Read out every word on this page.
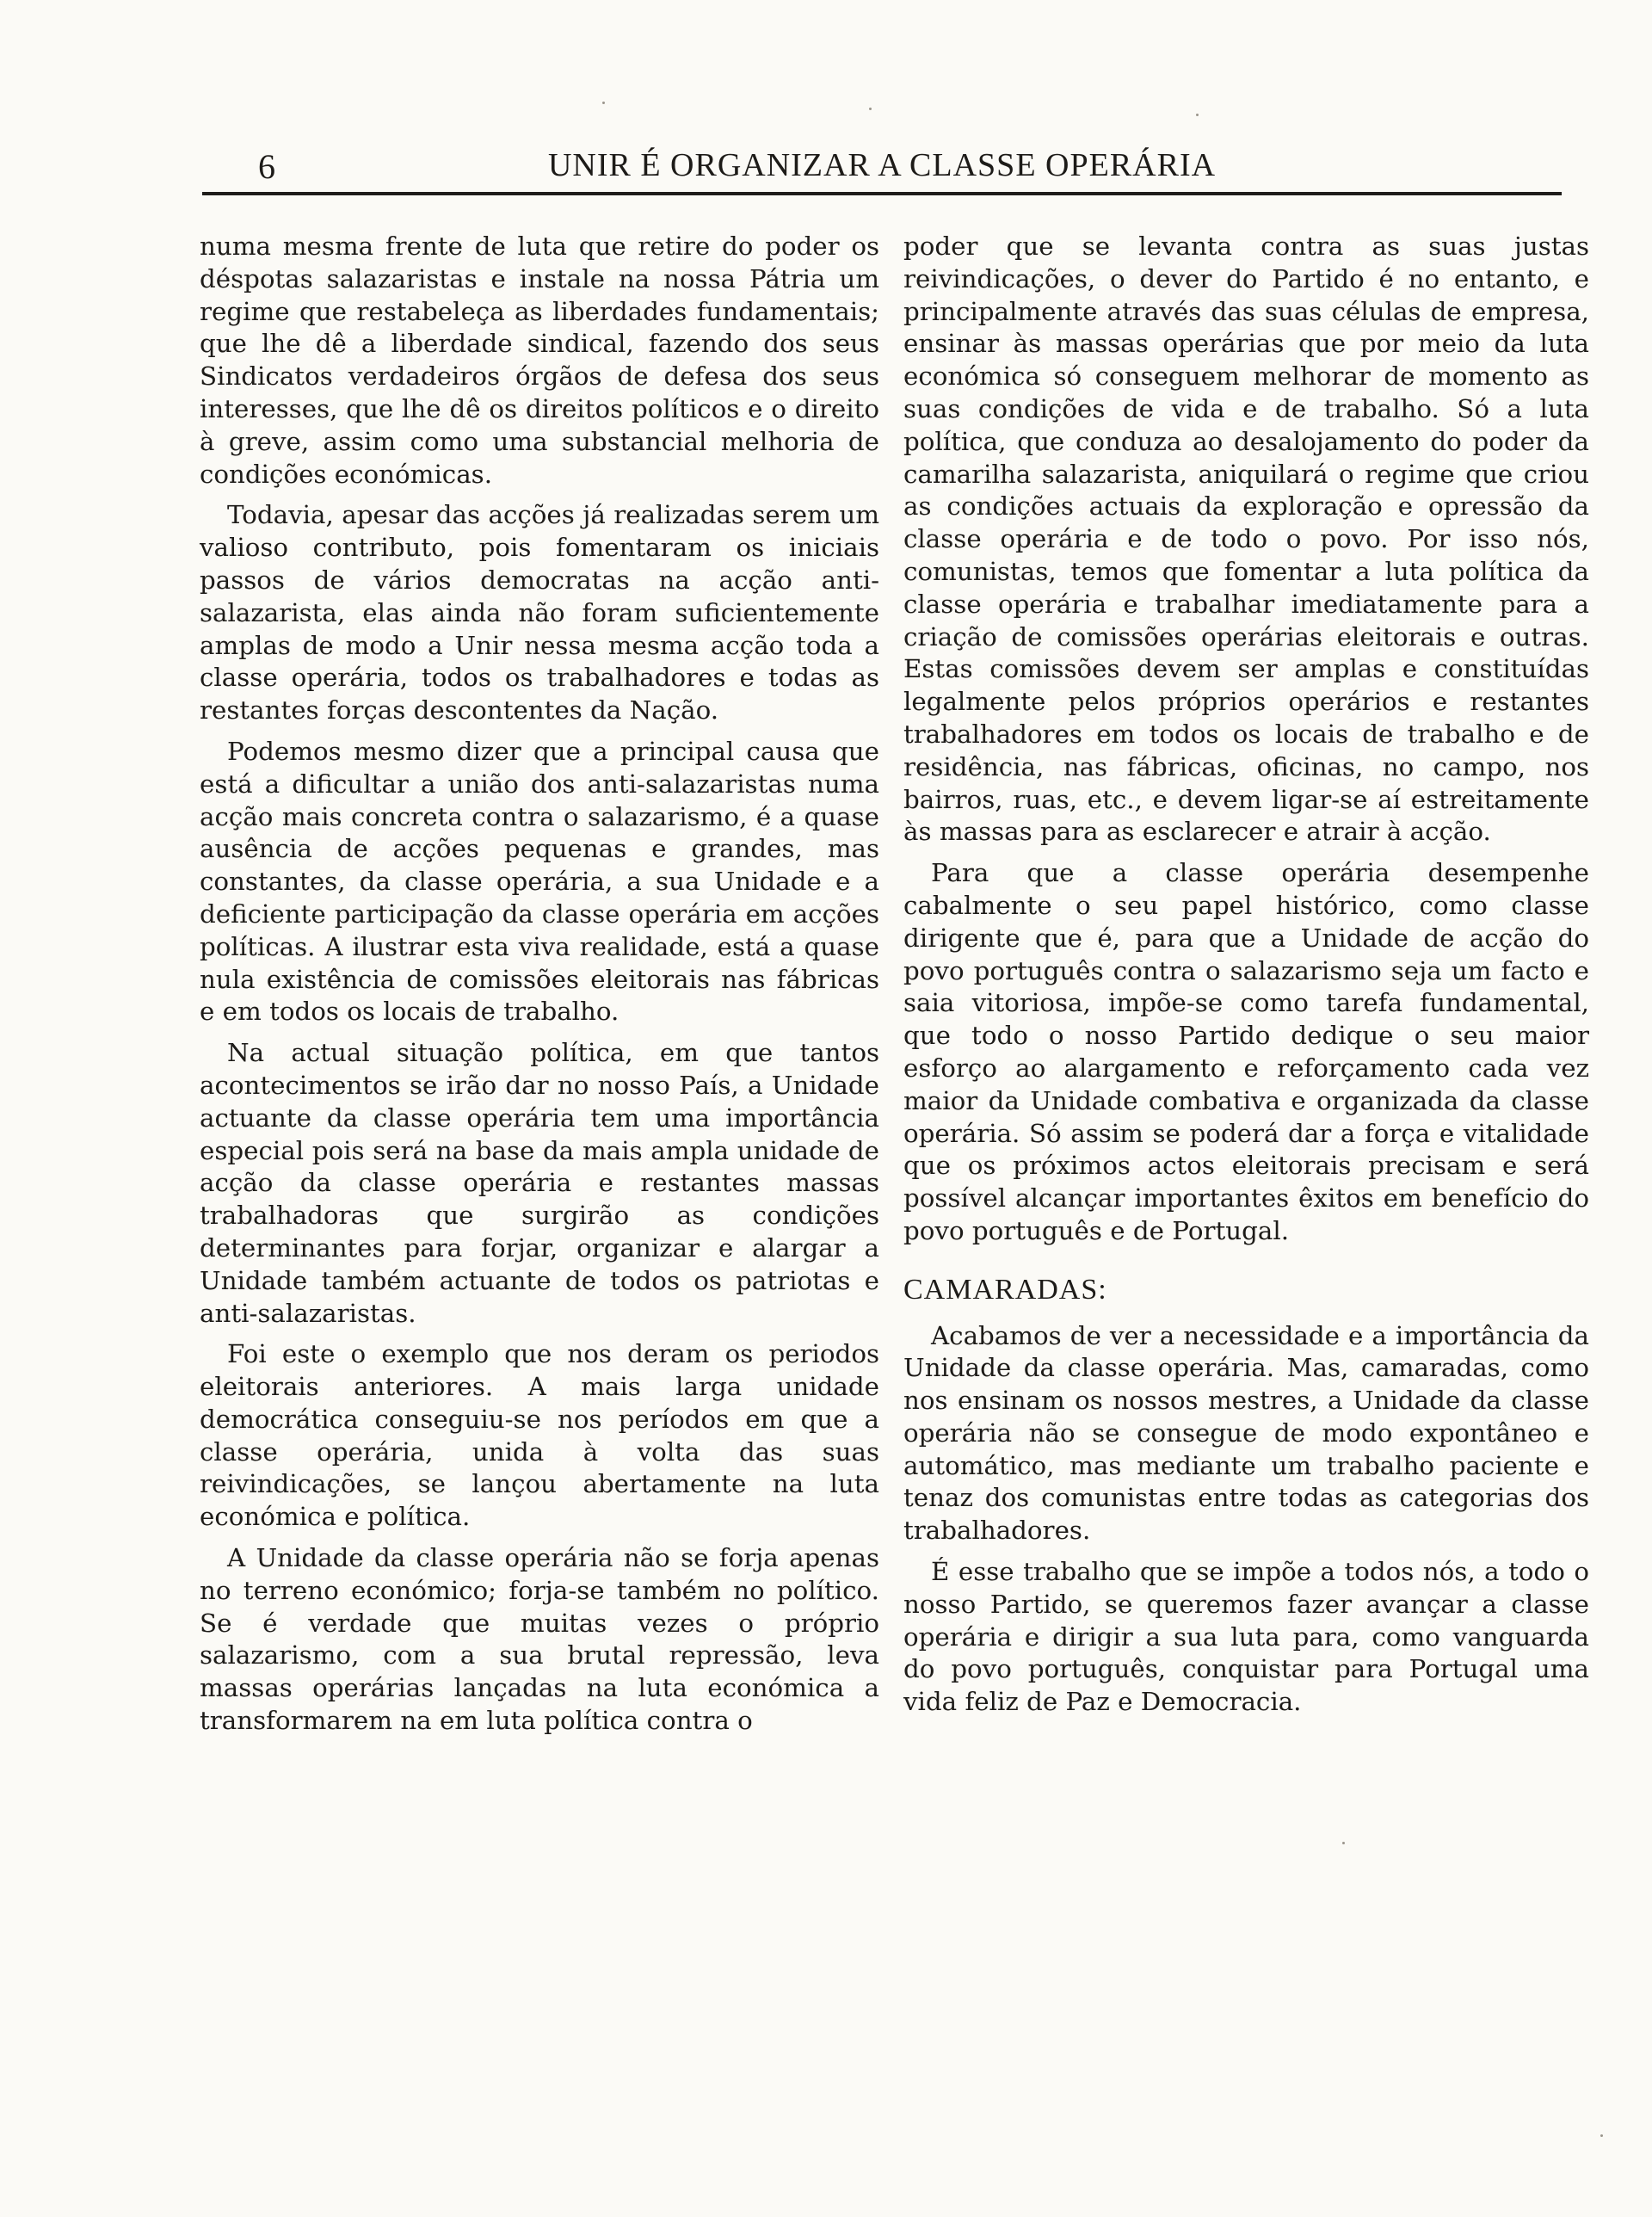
6	UNIR É ORGANIZAR A CLASSE OPERÁRIA

numa mesma frente de luta que retire do poder os déspotas salazaristas e instale na nossa Pátria um regime que restabeleça as liberdades fundamentais; que lhe dê a liberdade sindical, fazendo dos seus Sindicatos verdadeiros órgãos de defesa dos seus interesses, que lhe dê os direitos políticos e o direito à greve, assim como uma substancial melhoria de condições económicas.

Todavia, apesar das acções já realizadas serem um valioso contributo, pois fomentaram os iniciais passos de vários democratas na acção anti-salazarista, elas ainda não foram suficientemente amplas de modo a Unir nessa mesma acção toda a classe operária, todos os trabalhadores e todas as restantes forças descontentes da Nação.

Podemos mesmo dizer que a principal causa que está a dificultar a união dos anti-salazaristas numa acção mais concreta contra o salazarismo, é a quase ausência de acções pequenas e grandes, mas constantes, da classe operária, a sua Unidade e a deficiente participação da classe operária em acções políticas. A ilustrar esta viva realidade, está a quase nula existência de comissões eleitorais nas fábricas e em todos os locais de trabalho.

Na actual situação política, em que tantos acontecimentos se irão dar no nosso País, a Unidade actuante da classe operária tem uma importância especial pois será na base da mais ampla unidade de acção da classe operária e restantes massas trabalhadoras que surgirão as condições determinantes para forjar, organizar e alargar a Unidade também actuante de todos os patriotas e anti-salazaristas.

Foi este o exemplo que nos deram os periodos eleitorais anteriores. A mais larga unidade democrática conseguiu-se nos períodos em que a classe operária, unida à volta das suas reivindicações, se lançou abertamente na luta económica e política.

A Unidade da classe operária não se forja apenas no terreno económico; forja-se também no político. Se é verdade que muitas vezes o próprio salazarismo, com a sua brutal repressão, leva massas operárias lançadas na luta económica a transformarem na em luta política contra o

poder que se levanta contra as suas justas reivindicações, o dever do Partido é no entanto, e principalmente através das suas células de empresa, ensinar às massas operárias que por meio da luta económica só conseguem melhorar de momento as suas condições de vida e de trabalho. Só a luta política, que conduza ao desalojamento do poder da camarilha salazarista, aniquilará o regime que criou as condições actuais da exploração e opressão da classe operária e de todo o povo. Por isso nós, comunistas, temos que fomentar a luta política da classe operária e trabalhar imediatamente para a criação de comissões operárias eleitorais e outras. Estas comissões devem ser amplas e constituídas legalmente pelos próprios operários e restantes trabalhadores em todos os locais de trabalho e de residência, nas fábricas, oficinas, no campo, nos bairros, ruas, etc., e devem ligar-se aí estreitamente às massas para as esclarecer e atrair à acção.

Para que a classe operária desempenhe cabalmente o seu papel histórico, como classe dirigente que é, para que a Unidade de acção do povo português contra o salazarismo seja um facto e saia vitoriosa, impõe-se como tarefa fundamental, que todo o nosso Partido dedique o seu maior esforço ao alargamento e reforçamento cada vez maior da Unidade combativa e organizada da classe operária. Só assim se poderá dar a força e vitalidade que os próximos actos eleitorais precisam e será possível alcançar importantes êxitos em benefício do povo português e de Portugal.

CAMARADAS:

Acabamos de ver a necessidade e a importância da Unidade da classe operária. Mas, camaradas, como nos ensinam os nossos mestres, a Unidade da classe operária não se consegue de modo expontâneo e automático, mas mediante um trabalho paciente e tenaz dos comunistas entre todas as categorias dos trabalhadores.

É esse trabalho que se impõe a todos nós, a todo o nosso Partido, se queremos fazer avançar a classe operária e dirigir a sua luta para, como vanguarda do povo português, conquistar para Portugal uma vida feliz de Paz e Democracia.
